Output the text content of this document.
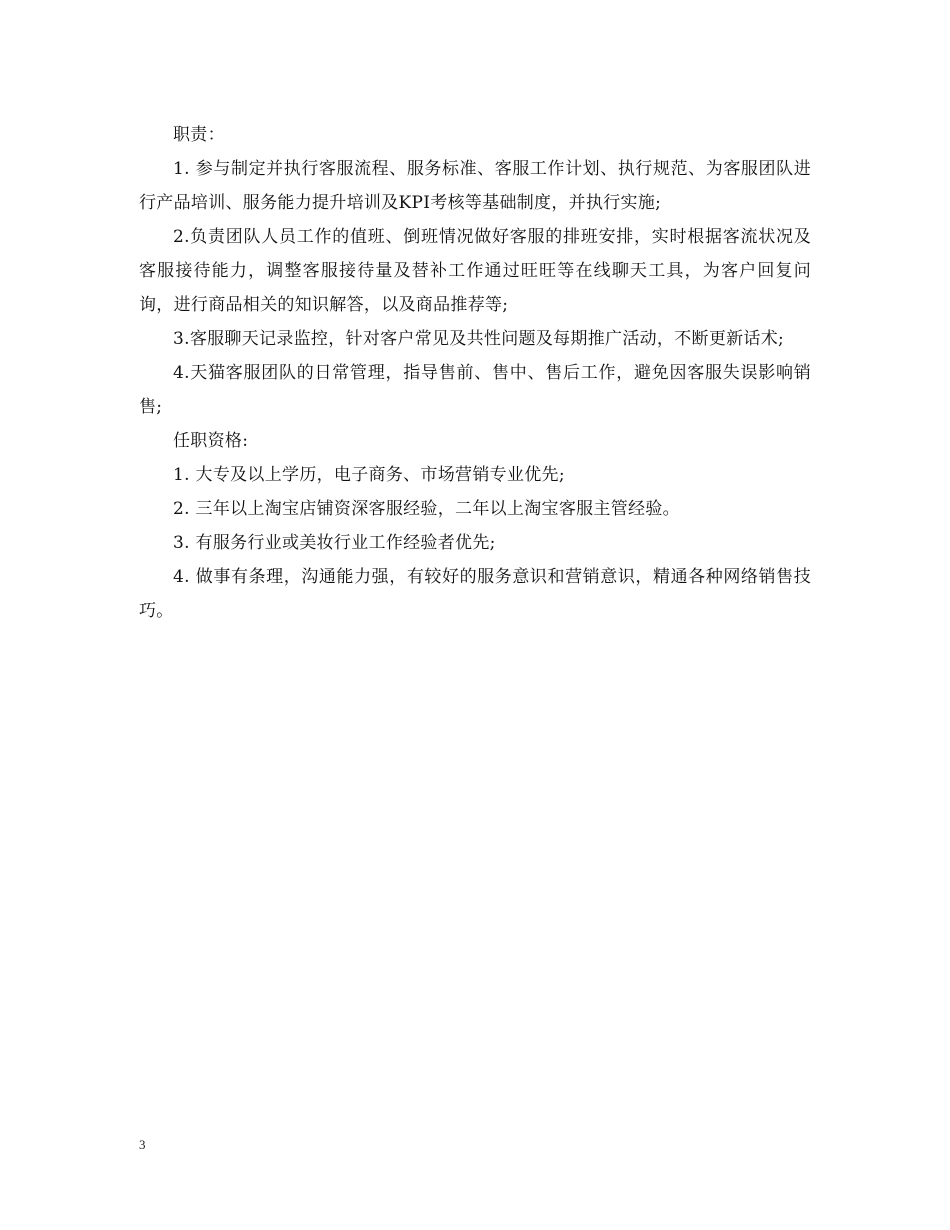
职责：

1. 参与制定并执行客服流程、服务标准、客服工作计划、执行规范、为客服团队进行产品培训、服务能力提升培训及KPI考核等基础制度，并执行实施;

2.负责团队人员工作的值班、倒班情况做好客服的排班安排，实时根据客流状况及客服接待能力，调整客服接待量及替补工作通过旺旺等在线聊天工具，为客户回复问询，进行商品相关的知识解答，以及商品推荐等;

3.客服聊天记录监控，针对客户常见及共性问题及每期推广活动，不断更新话术;

4.天猫客服团队的日常管理，指导售前、售中、售后工作，避免因客服失误影响销售;

任职资格:

1. 大专及以上学历，电子商务、市场营销专业优先;

2. 三年以上淘宝店铺资深客服经验，二年以上淘宝客服主管经验。

3. 有服务行业或美妆行业工作经验者优先;

4. 做事有条理，沟通能力强，有较好的服务意识和营销意识，精通各种网络销售技巧。

3
